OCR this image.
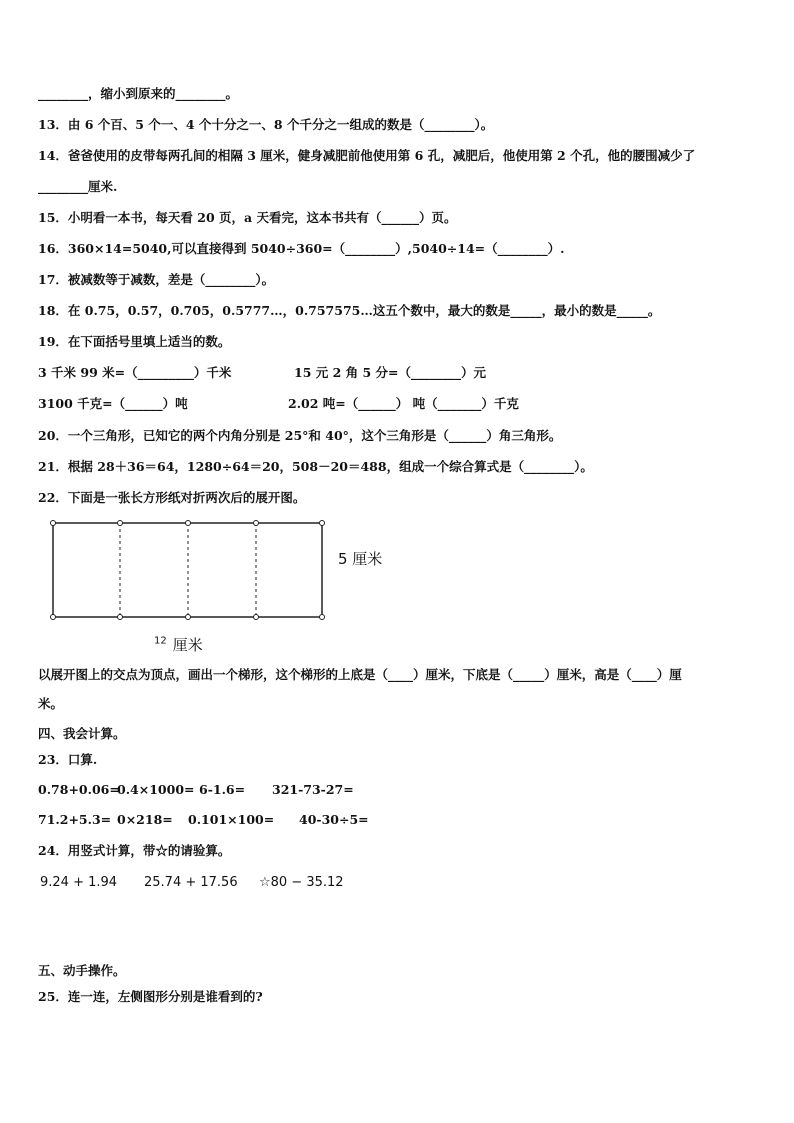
________，缩小到原来的________。
13．由 6 个百、5 个一、4 个十分之一、8 个千分之一组成的数是（________）。
14．爸爸使用的皮带每两孔间的相隔 3 厘米，健身减肥前他使用第 6 孔，减肥后，他使用第 2 个孔，他的腰围减少了
________厘米.
15．小明看一本书，每天看 20 页，a 天看完，这本书共有（______）页。
16．360×14=5040,可以直接得到 5040÷360=（________）,5040÷14=（________）.
17．被减数等于减数，差是（________）。
18．在 0.75，0.57，0.705，0.5777…，0.757575…这五个数中，最大的数是_____，最小的数是_____。
19．在下面括号里填上适当的数。
3 千米 99 米=（_________）千米	15 元 2 角 5 分=（________）元
3100 千克=（______）吨	2.02 吨=（______） 吨（_______）千克
20．一个三角形，已知它的两个内角分别是 25°和 40°，这个三角形是（______）角三角形。
21．根据 28＋36＝64，1280÷64＝20，508－20＝488，组成一个综合算式是（________）。
22．下面是一张长方形纸对折两次后的展开图。
5 厘米
$^{12}$ 厘米
以展开图上的交点为顶点，画出一个梯形，这个梯形的上底是（____）厘米，下底是（_____）厘米，高是（____）厘
米。
四、我会计算。
23．口算.
0.78+0.06=
0.4×1000= 6-1.6= 321-73-27=
71.2+5.3= 0×218= 0.101×100= 40-30÷5=
24．用竖式计算，带☆的请验算。
9.24 + 1.94 25.74 + 17.56 ☆80 − 35.12
五、动手操作。
25．连一连，左侧图形分别是谁看到的?
